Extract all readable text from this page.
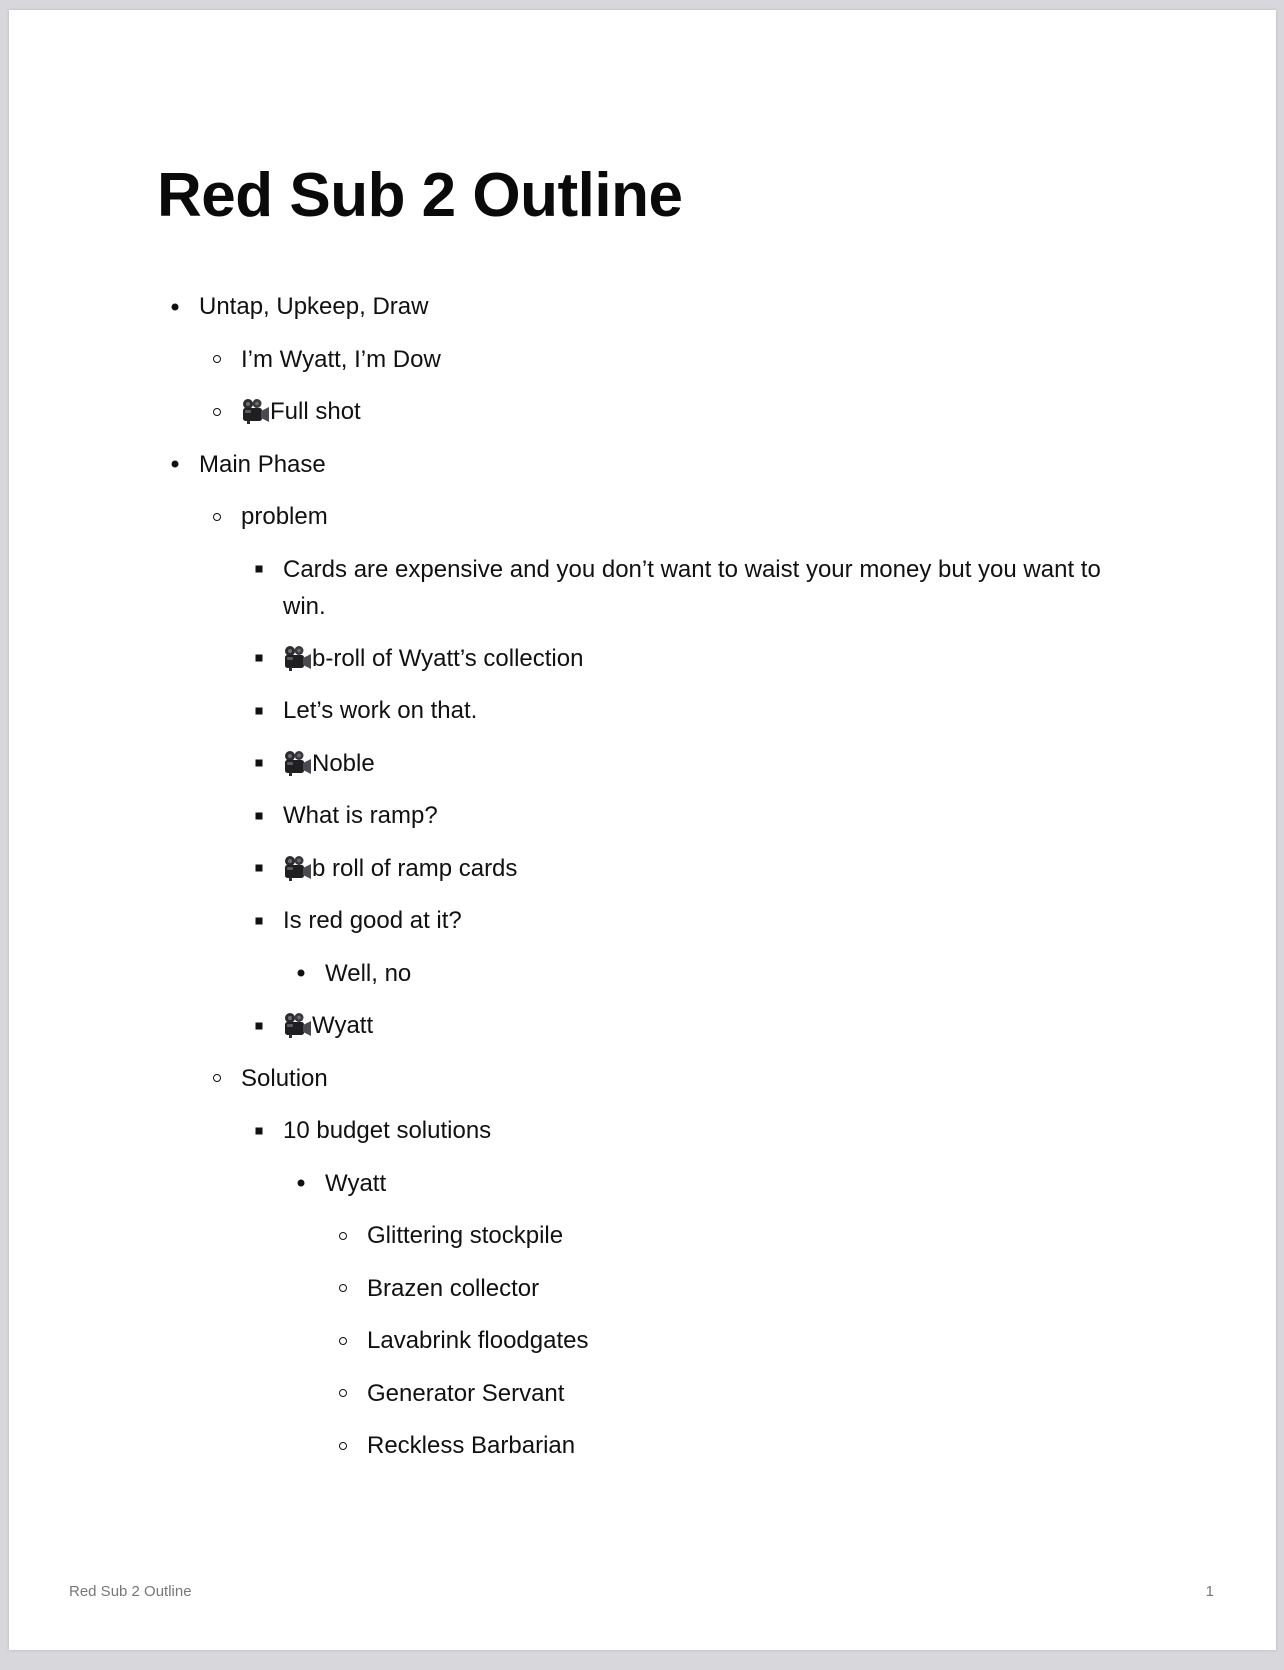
Red Sub 2 Outline
Untap, Upkeep, Draw
I’m Wyatt, I’m Dow
Full shot
Main Phase
problem
Cards are expensive and you don’t want to waist your money but you want to win.
b-roll of Wyatt’s collection
Let’s work on that.
Noble
What is ramp?
b roll of ramp cards
Is red good at it?
Well, no
Wyatt
Solution
10 budget solutions
Wyatt
Glittering stockpile
Brazen collector
Lavabrink floodgates
Generator Servant
Reckless Barbarian
Red Sub 2 Outline	1
